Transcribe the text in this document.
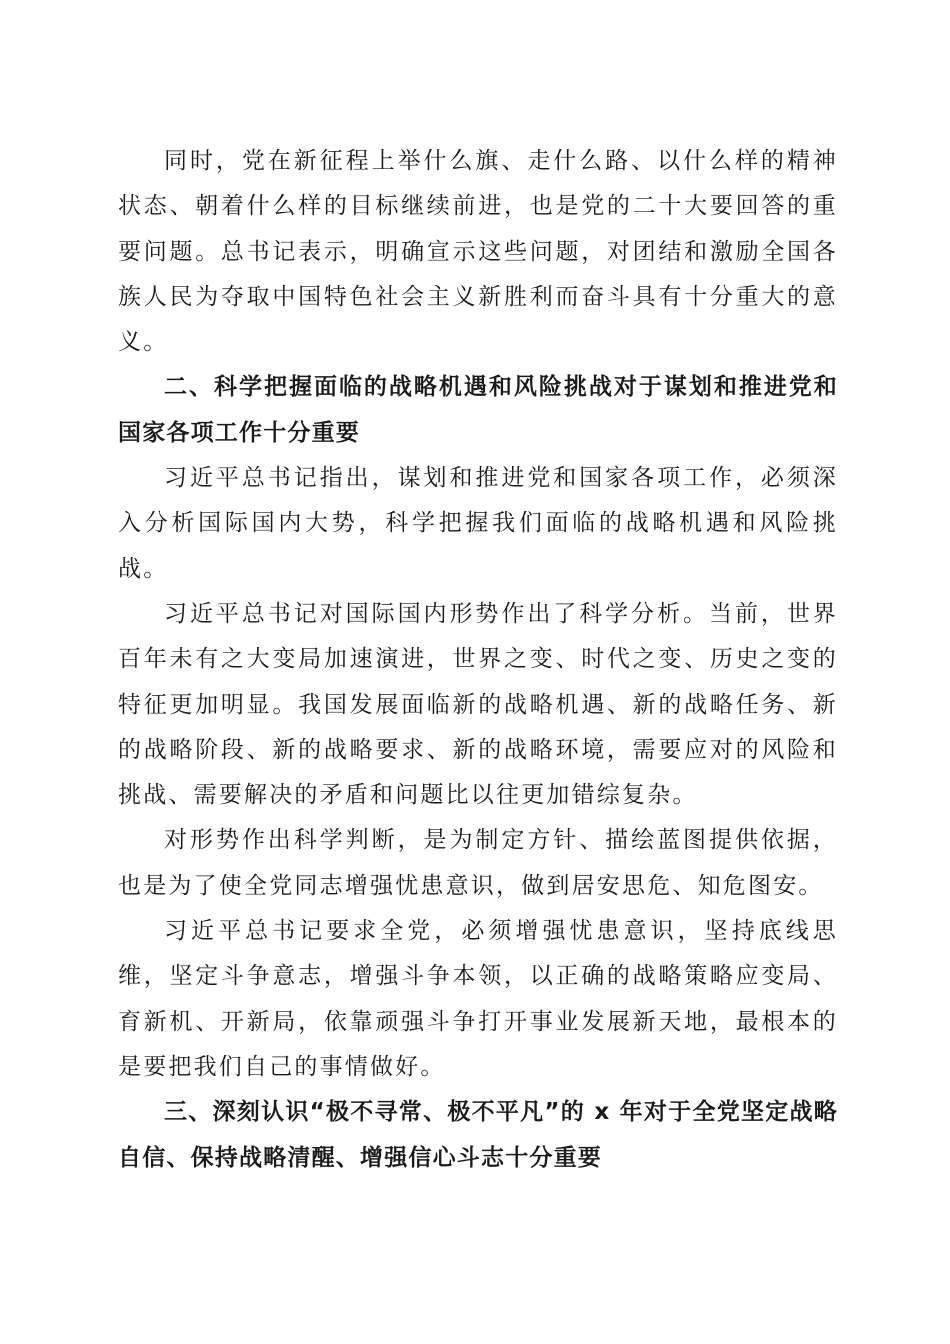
同时，党在新征程上举什么旗、走什么路、以什么样的精神状态、朝着什么样的目标继续前进，也是党的二十大要回答的重要问题。总书记表示，明确宣示这些问题，对团结和激励全国各族人民为夺取中国特色社会主义新胜利而奋斗具有十分重大的意义。

二、科学把握面临的战略机遇和风险挑战对于谋划和推进党和国家各项工作十分重要

习近平总书记指出，谋划和推进党和国家各项工作，必须深入分析国际国内大势，科学把握我们面临的战略机遇和风险挑战。

习近平总书记对国际国内形势作出了科学分析。当前，世界百年未有之大变局加速演进，世界之变、时代之变、历史之变的特征更加明显。我国发展面临新的战略机遇、新的战略任务、新的战略阶段、新的战略要求、新的战略环境，需要应对的风险和挑战、需要解决的矛盾和问题比以往更加错综复杂。

对形势作出科学判断，是为制定方针、描绘蓝图提供依据，也是为了使全党同志增强忧患意识，做到居安思危、知危图安。

习近平总书记要求全党，必须增强忧患意识，坚持底线思维，坚定斗争意志，增强斗争本领，以正确的战略策略应变局、育新机、开新局，依靠顽强斗争打开事业发展新天地，最根本的是要把我们自己的事情做好。

三、深刻认识“极不寻常、极不平凡”的 x 年对于全党坚定战略自信、保持战略清醒、增强信心斗志十分重要
